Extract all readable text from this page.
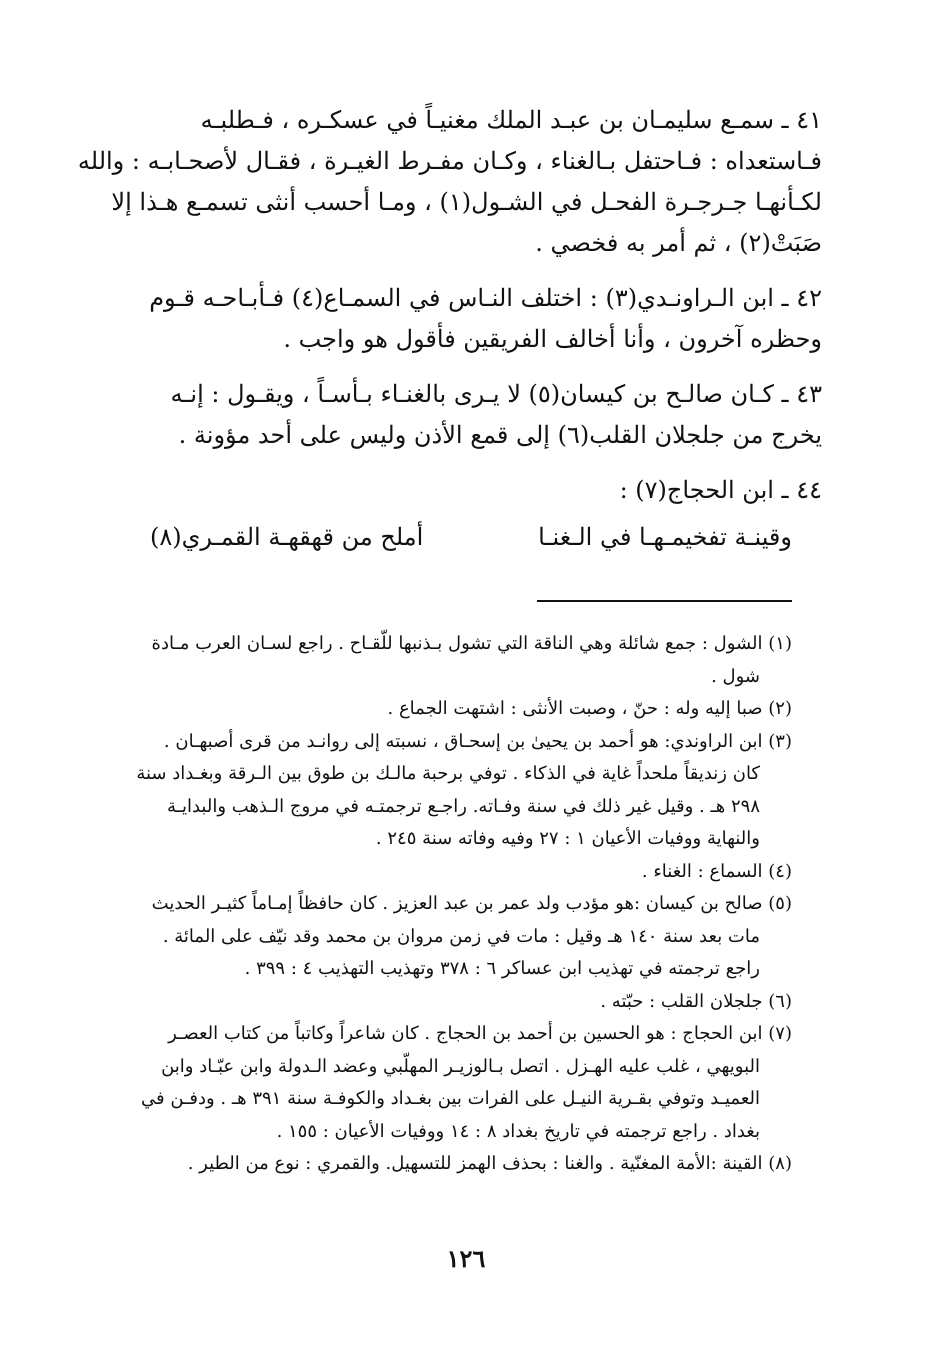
٤١ ـ سمـع سليمـان بن عبـد الملك مغنيـاً في عسكـره ، فـطلبـه
فـاستعداه : فـاحتفل بـالغناء ، وكـان مفـرط الغيـرة ، فقـال لأصحـابـه : والله
لكـأنهـا جـرجـرة الفحـل في الشـول(١) ، ومـا أحسب أنثى تسمـع هـذا إلا
صَبَتْ(٢) ، ثم أمر به فخصي .

٤٢ ـ ابن الـراونـدي(٣) : اختلف النـاس في السمـاع(٤) فـأبـاحـه قـوم
وحظره آخرون ، وأنا أخالف الفريقين فأقول هو واجب .

٤٣ ـ كـان صالـح بن كيسان(٥) لا يـرى بالغنـاء بـأسـاً ، ويقـول : إنـه
يخرج من جلجلان القلب(٦) إلى قمع الأذن وليس على أحد مؤونة .

٤٤ ـ ابن الحجاج(٧) :

وقينـة تفخيمـهـا في الـغنـا
أملح من قهقهـة القمـري(٨)

(١) الشول : جمع شائلة وهي الناقة التي تشول بـذنبها للّقـاح . راجع لسـان العرب مـادة
شول .

(٢) صبا إليه وله : حنّ ، وصبت الأنثى : اشتهت الجماع .

(٣) ابن الراوندي: هو أحمد بن يحيىٰ بن إسحـاق ، نسبته إلى روانـد من قرى أصبهـان .
كان زنديقاً ملحداً غاية في الذكاء . توفي برحبة مالـك بن طوق بين الـرقة وبغـداد سنة
٢٩٨ هـ . وقيل غير ذلك في سنة وفـاته. راجـع ترجمتـه في مروج الـذهب والبدايـة
والنهاية ووفيات الأعيان ١ : ٢٧ وفيه وفاته سنة ٢٤٥ .

(٤) السماع : الغناء .

(٥) صالح بن كيسان :هو مؤدب ولد عمر بن عبد العزيز . كان حافظاً إمـاماً كثيـر الحديث
مات بعد سنة ١٤٠ هـ وقيل : مات في زمن مروان بن محمد وقد نيّف على المائة .
راجع ترجمته في تهذيب ابن عساكر ٦ : ٣٧٨ وتهذيب التهذيب ٤ : ٣٩٩ .

(٦) جلجلان القلب : حبّته .

(٧) ابن الحجاج : هو الحسين بن أحمد بن الحجاج . كان شاعراً وكاتباً من كتاب العصـر
البويهي ، غلب عليه الهـزل . اتصل بـالوزيـر المهلّبي وعضد الـدولة وابن عبّـاد وابن
العميـد وتوفي بقـرية النيـل على الفرات بين بغـداد والكوفـة سنة ٣٩١ هـ . ودفـن في
بغداد . راجع ترجمته في تاريخ بغداد ٨ : ١٤ ووفيات الأعيان : ١٥٥ .

(٨) القينة :الأمة المغنّية . والغنا : بحذف الهمز للتسهيل. والقمري : نوع من الطير .

١٢٦
